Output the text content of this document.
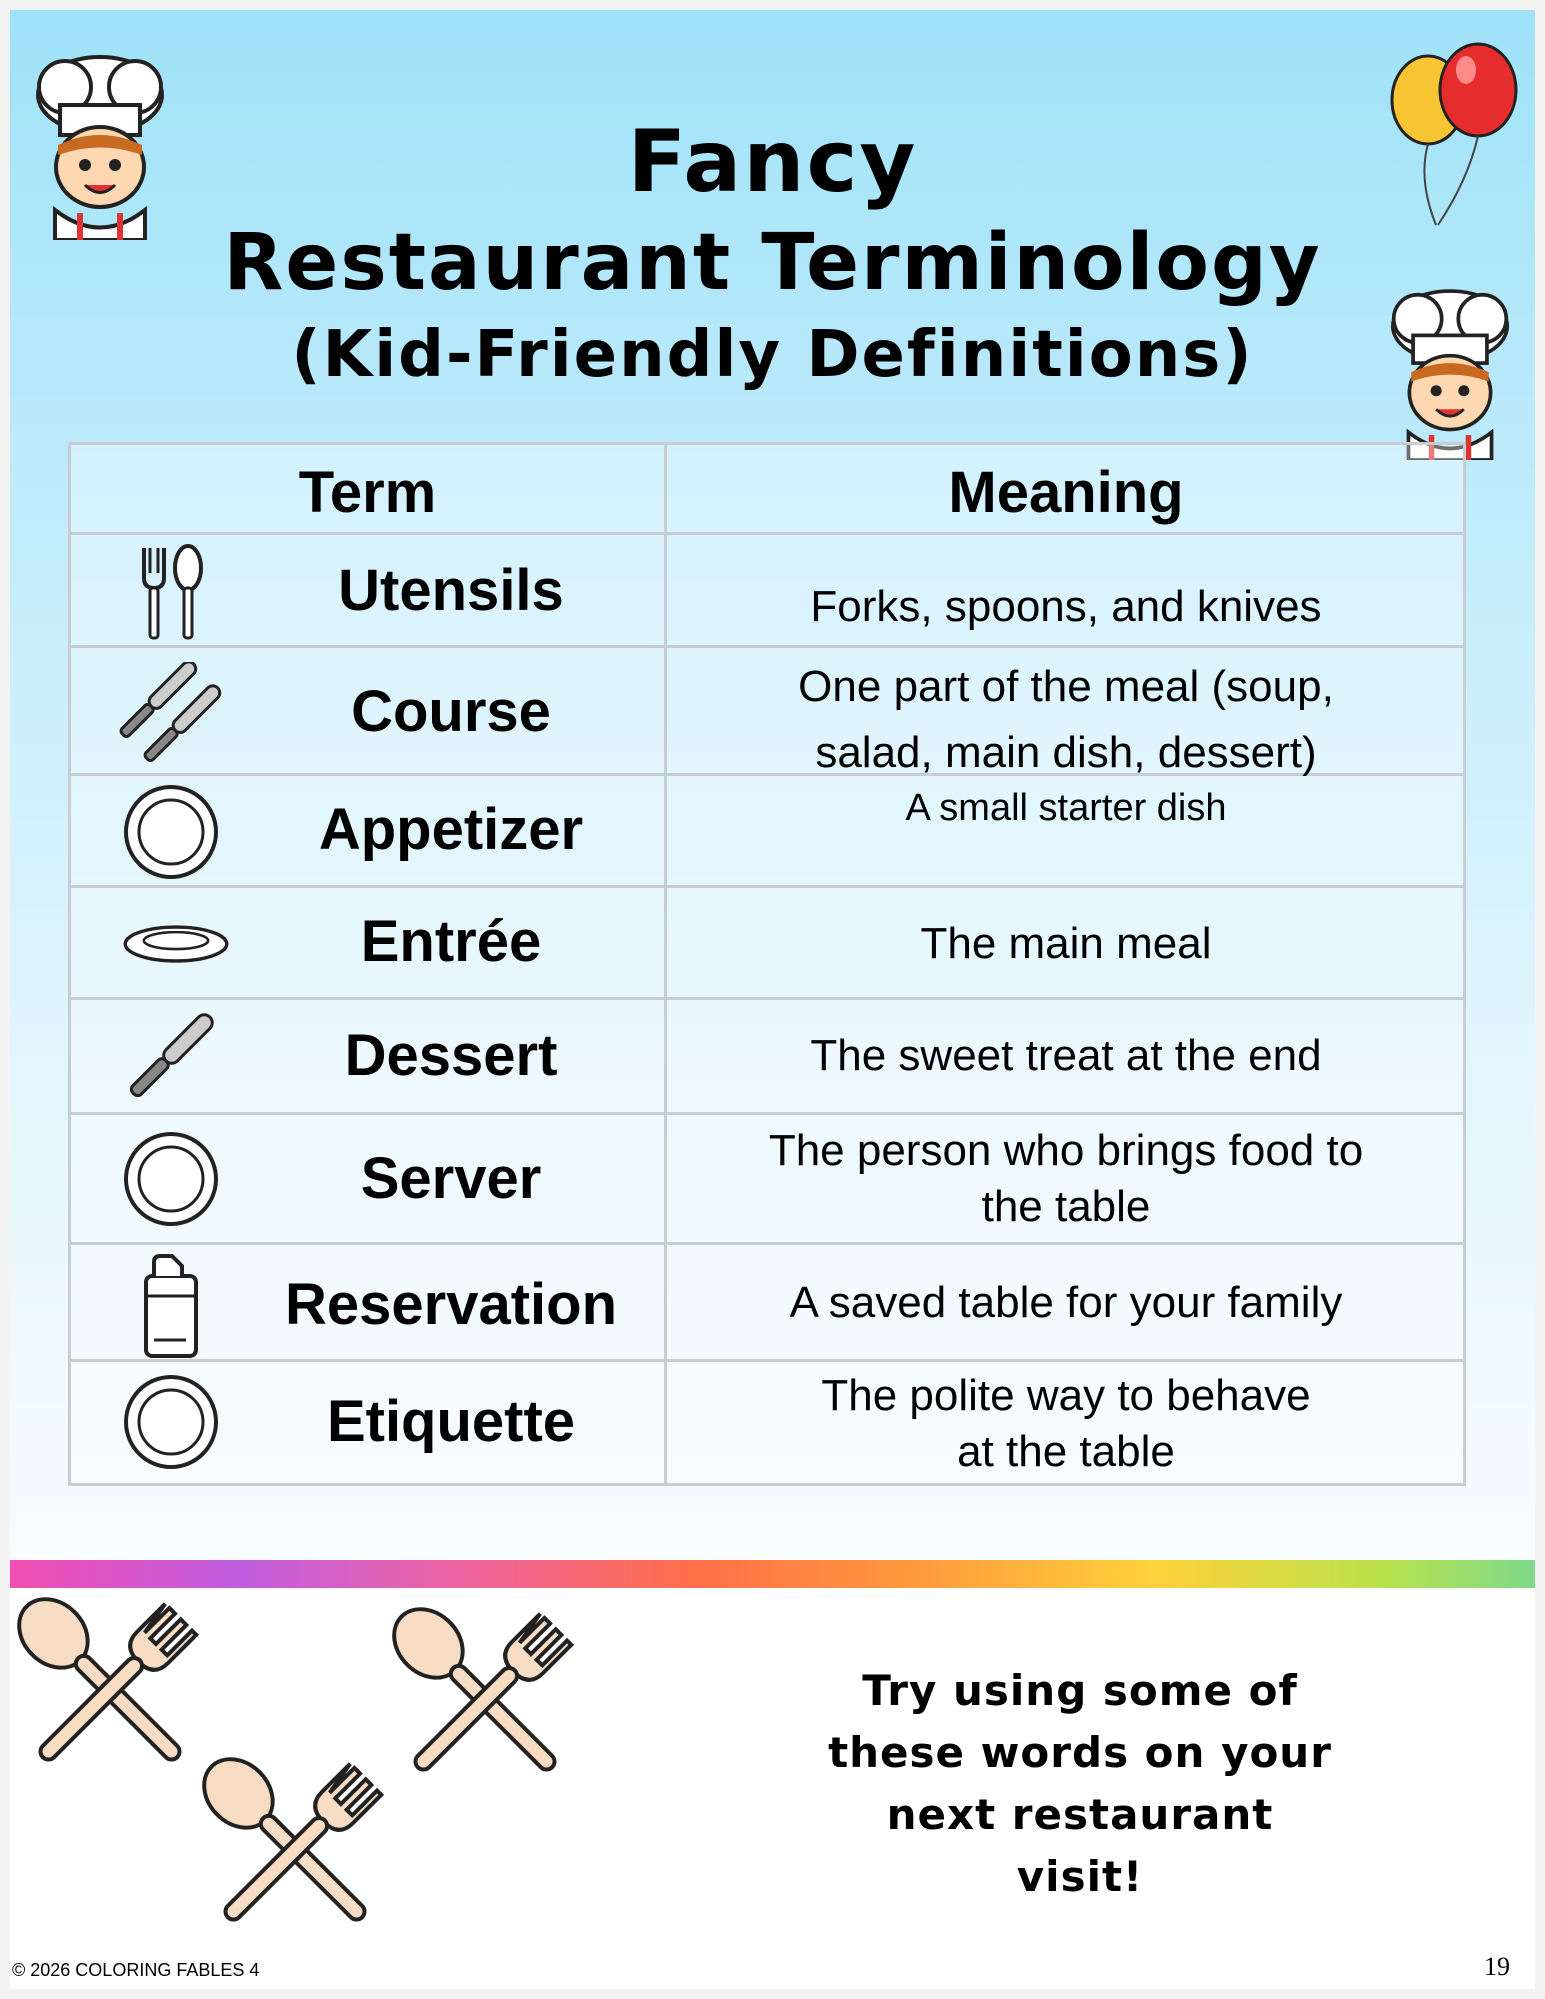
Fancy
Restaurant Terminology
(Kid-Friendly Definitions)
Term	Meaning
Utensils	Forks, spoons, and knives
Course	One part of the meal (soup, salad, main dish, dessert)
Appetizer	A small starter dish
Entrée	The main meal
Dessert	The sweet treat at the end
Server	The person who brings food to the table
Reservation	A saved table for your family
Etiquette	The polite way to behave at the table
Try using some of these words on your next restaurant visit!
© 2026 COLORING FABLES 4	19
